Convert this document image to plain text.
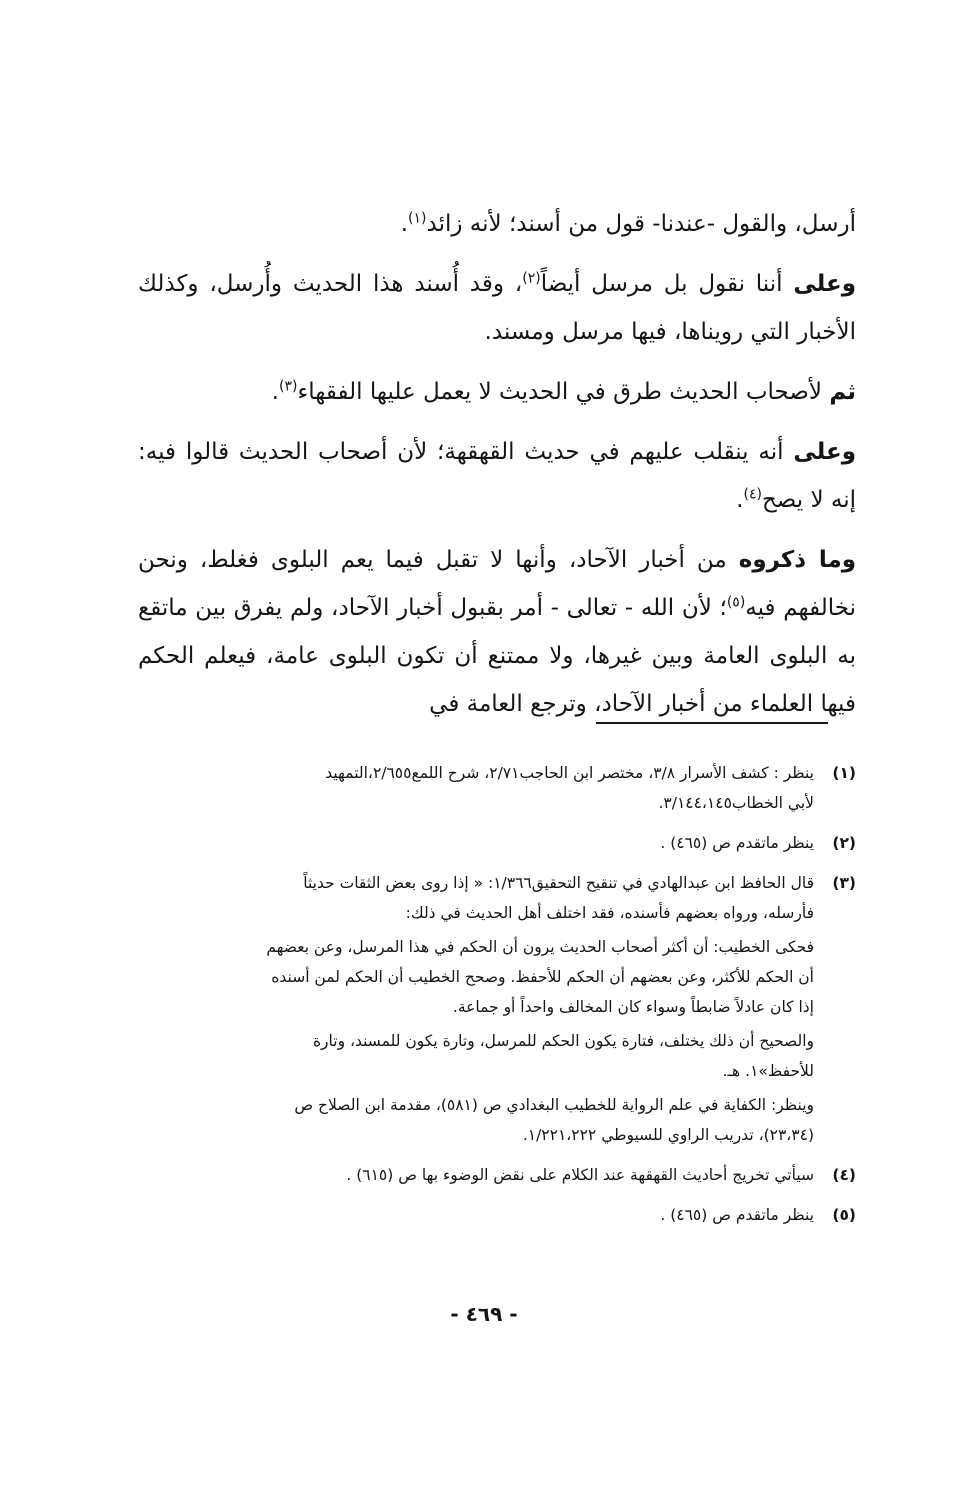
أرسل، والقول -عندنا- قول من أسند؛ لأنه زائد$^{(١)}$.

وعلى أننا نقول بل مرسل أيضاً$^{(٢)}$، وقد أُسند هذا الحديث وأُرسل، وكذلك الأخبار التي رويناها، فيها مرسل ومسند.

ثم لأصحاب الحديث طرق في الحديث لا يعمل عليها الفقهاء$^{(٣)}$.

وعلى أنه ينقلب عليهم في حديث القهقهة؛ لأن أصحاب الحديث قالوا فيه: إنه لا يصح$^{(٤)}$.

وما ذكروه من أخبار الآحاد، وأنها لا تقبل فيما يعم البلوى فغلط، ونحن نخالفهم فيه$^{(٥)}$؛ لأن الله - تعالى - أمر بقبول أخبار الآحاد، ولم يفرق بين ماتقع به البلوى العامة وبين غيرها، ولا ممتنع أن تكون البلوى عامة، فيعلم الحكم فيها العلماء من أخبار الآحاد، وترجع العامة في

(١)
ينظر : كشف الأسرار ٣/٨، مختصر ابن الحاجب٢/٧١، شرح اللمع٢/٦٥٥،التمهيد
لأبي الخطاب٣/١٤٤،١٤٥.
(٢)
ينظر ماتقدم ص (٤٦٥) .
(٣)
قال الحافظ ابن عبدالهادي في تنقيح التحقيق١/٣٦٦: « إذا روى بعض الثقات حديثاً
فأرسله، ورواه بعضهم فأسنده، فقد اختلف أهل الحديث في ذلك:
فحكى الخطيب: أن أكثر أصحاب الحديث يرون أن الحكم في هذا المرسل، وعن بعضهم
أن الحكم للأكثر، وعن بعضهم أن الحكم للأحفظ. وصحح الخطيب أن الحكم لمن أسنده
إذا كان عادلاً ضابطاً وسواء كان المخالف واحداً أو جماعة.
والصحيح أن ذلك يختلف، فتارة يكون الحكم للمرسل، وتارة يكون للمسند، وتارة
للأحفظ»١. هـ.
وينظر: الكفاية في علم الرواية للخطيب البغدادي ص (٥٨١)، مقدمة ابن الصلاح ص
(٢٣،٣٤)، تدريب الراوي للسيوطي ١/٢٢١،٢٢٢.
(٤)
سيأتي تخريج أحاديث القهقهة عند الكلام على نقض الوضوء بها ص (٦١٥) .
(٥)
ينظر ماتقدم ص (٤٦٥) .
- ٤٦٩ -
